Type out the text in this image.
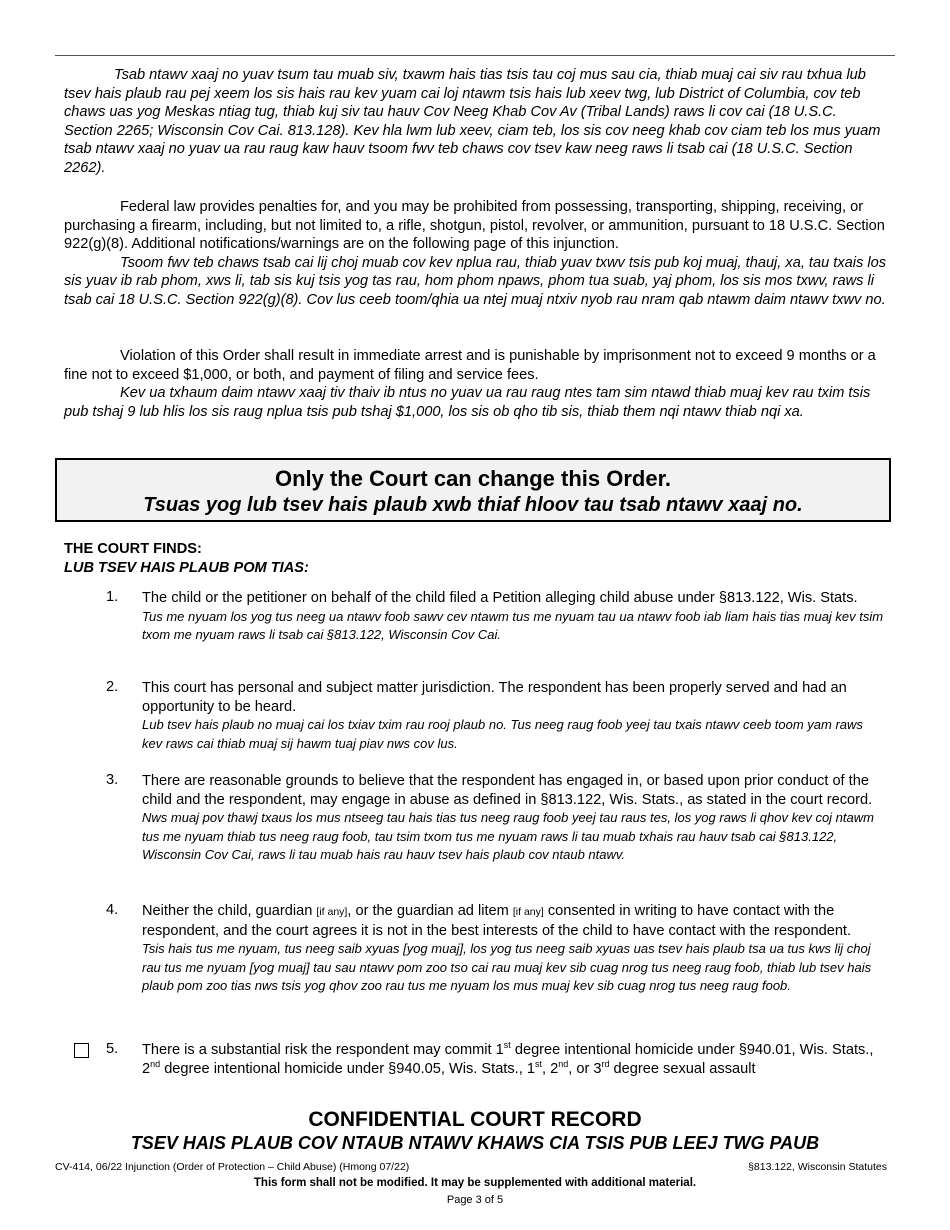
Tsab ntawv xaaj no yuav tsum tau muab siv, txawm hais tias tsis tau coj mus sau cia, thiab muaj cai siv rau txhua lub tsev hais plaub rau pej xeem los sis hais rau kev yuam cai loj ntawm tsis hais lub xeev twg, lub District of Columbia, cov teb chaws uas yog Meskas ntiag tug, thiab kuj siv tau hauv Cov Neeg Khab Cov Av (Tribal Lands) raws li cov cai (18 U.S.C. Section 2265; Wisconsin Cov Cai. 813.128). Kev hla lwm lub xeev, ciam teb, los sis cov neeg khab cov ciam teb los mus yuam tsab ntawv xaaj no yuav ua rau raug kaw hauv tsoom fwv teb chaws cov tsev kaw neeg raws li tsab cai (18 U.S.C. Section 2262).

Federal law provides penalties for, and you may be prohibited from possessing, transporting, shipping, receiving, or purchasing a firearm, including, but not limited to, a rifle, shotgun, pistol, revolver, or ammunition, pursuant to 18 U.S.C. Section 922(g)(8). Additional notifications/warnings are on the following page of this injunction.

Tsoom fwv teb chaws tsab cai lij choj muab cov kev nplua rau, thiab yuav txwv tsis pub koj muaj, thauj, xa, tau txais los sis yuav ib rab phom, xws li, tab sis kuj tsis yog tas rau, hom phom npaws, phom tua suab, yaj phom, los sis mos txwv, raws li tsab cai 18 U.S.C. Section 922(g)(8). Cov lus ceeb toom/qhia ua ntej muaj ntxiv nyob rau nram qab ntawm daim ntawv txwv no.

Violation of this Order shall result in immediate arrest and is punishable by imprisonment not to exceed 9 months or a fine not to exceed $1,000, or both, and payment of filing and service fees.

Kev ua txhaum daim ntawv xaaj tiv thaiv ib ntus no yuav ua rau raug ntes tam sim ntawd thiab muaj kev rau txim tsis pub tshaj 9 lub hlis los sis raug nplua tsis pub tshaj $1,000, los sis ob qho tib sis, thiab them nqi ntawv thiab nqi xa.

Only the Court can change this Order.
Tsuas yog lub tsev hais plaub xwb thiaf hloov tau tsab ntawv xaaj no.
THE COURT FINDS:
LUB TSEV HAIS PLAUB POM TIAS:
1. The child or the petitioner on behalf of the child filed a Petition alleging child abuse under §813.122, Wis. Stats.

Tus me nyuam los yog tus neeg ua ntawv foob sawv cev ntawm tus me nyuam tau ua ntawv foob iab liam hais tias muaj kev tsim txom me nyuam raws li tsab cai §813.122, Wisconsin Cov Cai.

2. This court has personal and subject matter jurisdiction. The respondent has been properly served and had an opportunity to be heard.

Lub tsev hais plaub no muaj cai los txiav txim rau rooj plaub no. Tus neeg raug foob yeej tau txais ntawv ceeb toom yam raws kev raws cai thiab muaj sij hawm tuaj piav nws cov lus.

3. There are reasonable grounds to believe that the respondent has engaged in, or based upon prior conduct of the child and the respondent, may engage in abuse as defined in §813.122, Wis. Stats., as stated in the court record.

Nws muaj pov thawj txaus los mus ntseeg tau hais tias tus neeg raug foob yeej tau raus tes, los yog raws li qhov kev coj ntawm tus me nyuam thiab tus neeg raug foob, tau tsim txom tus me nyuam raws li tau muab txhais rau hauv tsab cai §813.122, Wisconsin Cov Cai, raws li tau muab hais rau hauv tsev hais plaub cov ntaub ntawv.

4. Neither the child, guardian [if any], or the guardian ad litem [if any] consented in writing to have contact with the respondent, and the court agrees it is not in the best interests of the child to have contact with the respondent.

Tsis hais tus me nyuam, tus neeg saib xyuas [yog muaj], los yog tus neeg saib xyuas uas tsev hais plaub tsa ua tus kws lij choj rau tus me nyuam [yog muaj] tau sau ntawv pom zoo tso cai rau muaj kev sib cuag nrog tus neeg raug foob, thiab lub tsev hais plaub pom zoo tias nws tsis yog qhov zoo rau tus me nyuam los mus muaj kev sib cuag nrog tus neeg raug foob.

5. There is a substantial risk the respondent may commit 1st degree intentional homicide under §940.01, Wis. Stats., 2nd degree intentional homicide under §940.05, Wis. Stats., 1st, 2nd, or 3rd degree sexual assault

CONFIDENTIAL COURT RECORD
TSEV HAIS PLAUB COV NTAUB NTAWV KHAWS CIA TSIS PUB LEEJ TWG PAUB
CV-414, 06/22 Injunction (Order of Protection – Child Abuse) (Hmong 07/22)	§813.122, Wisconsin Statutes
This form shall not be modified. It may be supplemented with additional material.
Page 3 of 5
